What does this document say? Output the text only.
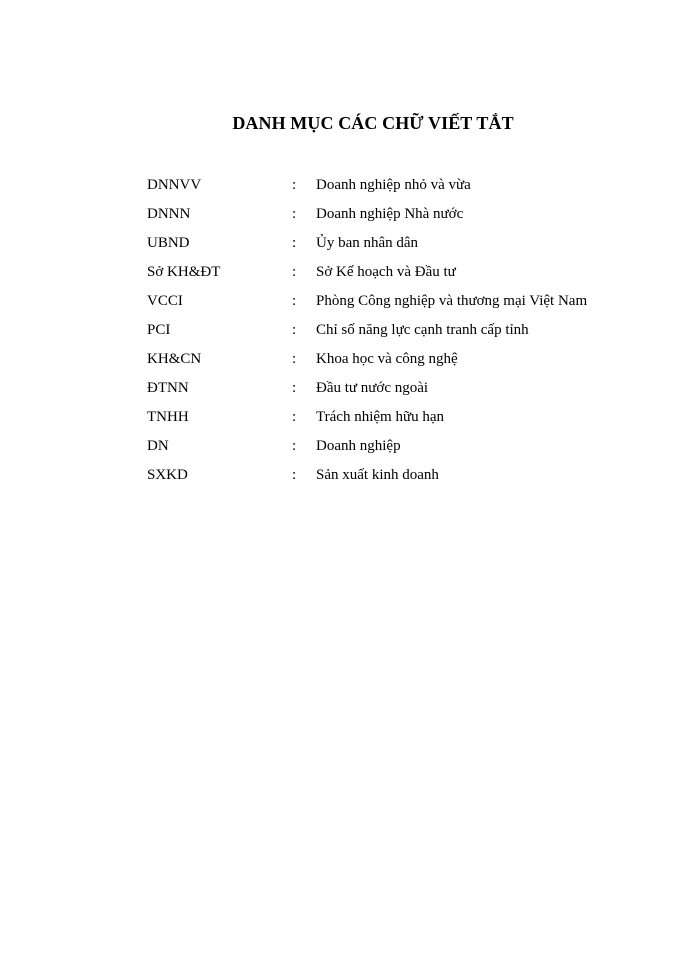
DANH MỤC CÁC CHỮ VIẾT TẮT
DNNVV	: Doanh nghiệp nhỏ và vừa
DNNN	: Doanh nghiệp Nhà nước
UBND	: Ủy ban nhân dân
Sở KH&ĐT	: Sở Kế hoạch và Đầu tư
VCCI	: Phòng Công nghiệp và thương mại Việt Nam
PCI	: Chỉ số năng lực cạnh tranh cấp tỉnh
KH&CN	: Khoa học và công nghệ
ĐTNN	: Đầu tư nước ngoài
TNHH	: Trách nhiệm hữu hạn
DN	: Doanh nghiệp
SXKD	: Sản xuất kinh doanh
